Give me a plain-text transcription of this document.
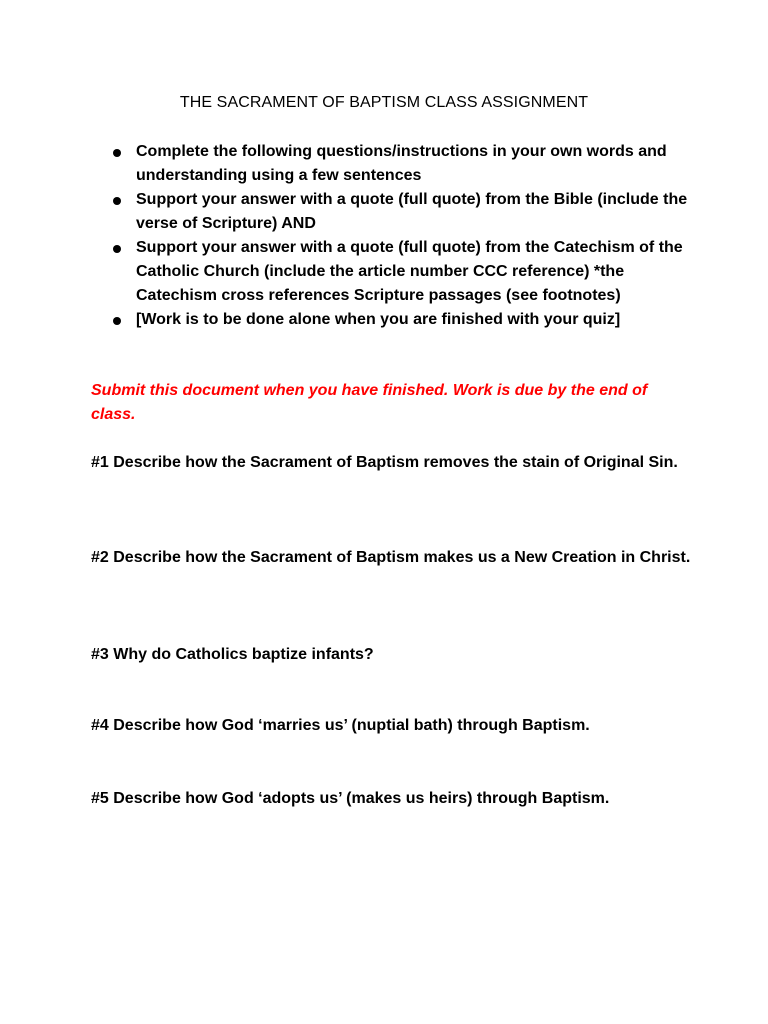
THE SACRAMENT OF BAPTISM CLASS ASSIGNMENT
Complete the following questions/instructions in your own words and understanding using a few sentences
Support your answer with a quote (full quote) from the Bible (include the verse of Scripture) AND
Support your answer with a quote (full quote) from the Catechism of the Catholic Church (include the article number CCC reference) *the Catechism cross references Scripture passages (see footnotes)
[Work is to be done alone when you are finished with your quiz]
Submit this document when you have finished. Work is due by the end of class.
#1 Describe how the Sacrament of Baptism removes the stain of Original Sin.
#2 Describe how the Sacrament of Baptism makes us a New Creation in Christ.
#3 Why do Catholics baptize infants?
#4 Describe how God ‘marries us’ (nuptial bath) through Baptism.
#5 Describe how God ‘adopts us’ (makes us heirs) through Baptism.
